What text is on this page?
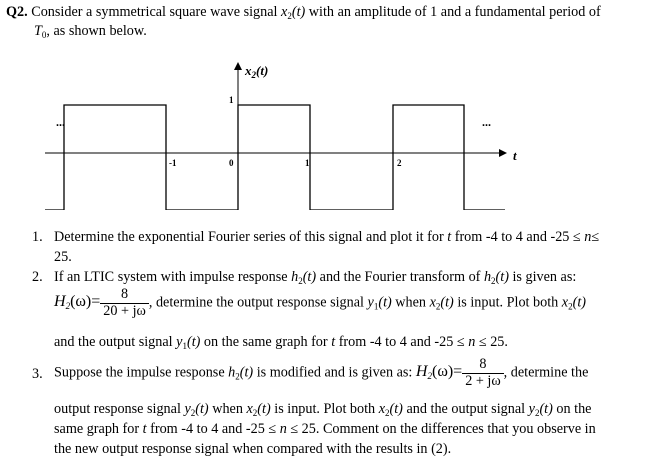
Q2. Consider a symmetrical square wave signal $x_2(t)$ with an amplitude of 1 and a fundamental period of
$T_0$, as shown below.
$x_2(t)$
t
1
...	...
-1	0	1	2
1. Determine the exponential Fourier series of this signal and plot it for t from -4 to 4 and -25 ≤ n≤
25.
2. If an LTIC system with impulse response $h_2(t)$ and the Fourier transform of $h_2(t)$ is given as:
$H_2(\omega)= \frac{8}{20 + j\omega}$ , determine the output response signal $y_1(t)$ when $x_2(t)$ is input. Plot both $x_2(t)$
and the output signal $y_1(t)$ on the same graph for t from -4 to 4 and -25 ≤ n ≤ 25.
3. Suppose the impulse response $h_2(t)$ is modified and is given as: $H_2(\omega)= \frac{8}{2 + j\omega}$ , determine the
output response signal $y_2(t)$ when $x_2(t)$ is input. Plot both $x_2(t)$ and the output signal $y_2(t)$ on the
same graph for t from -4 to 4 and -25 ≤ n ≤ 25. Comment on the differences that you observe in
the new output response signal when compared with the results in (2).
